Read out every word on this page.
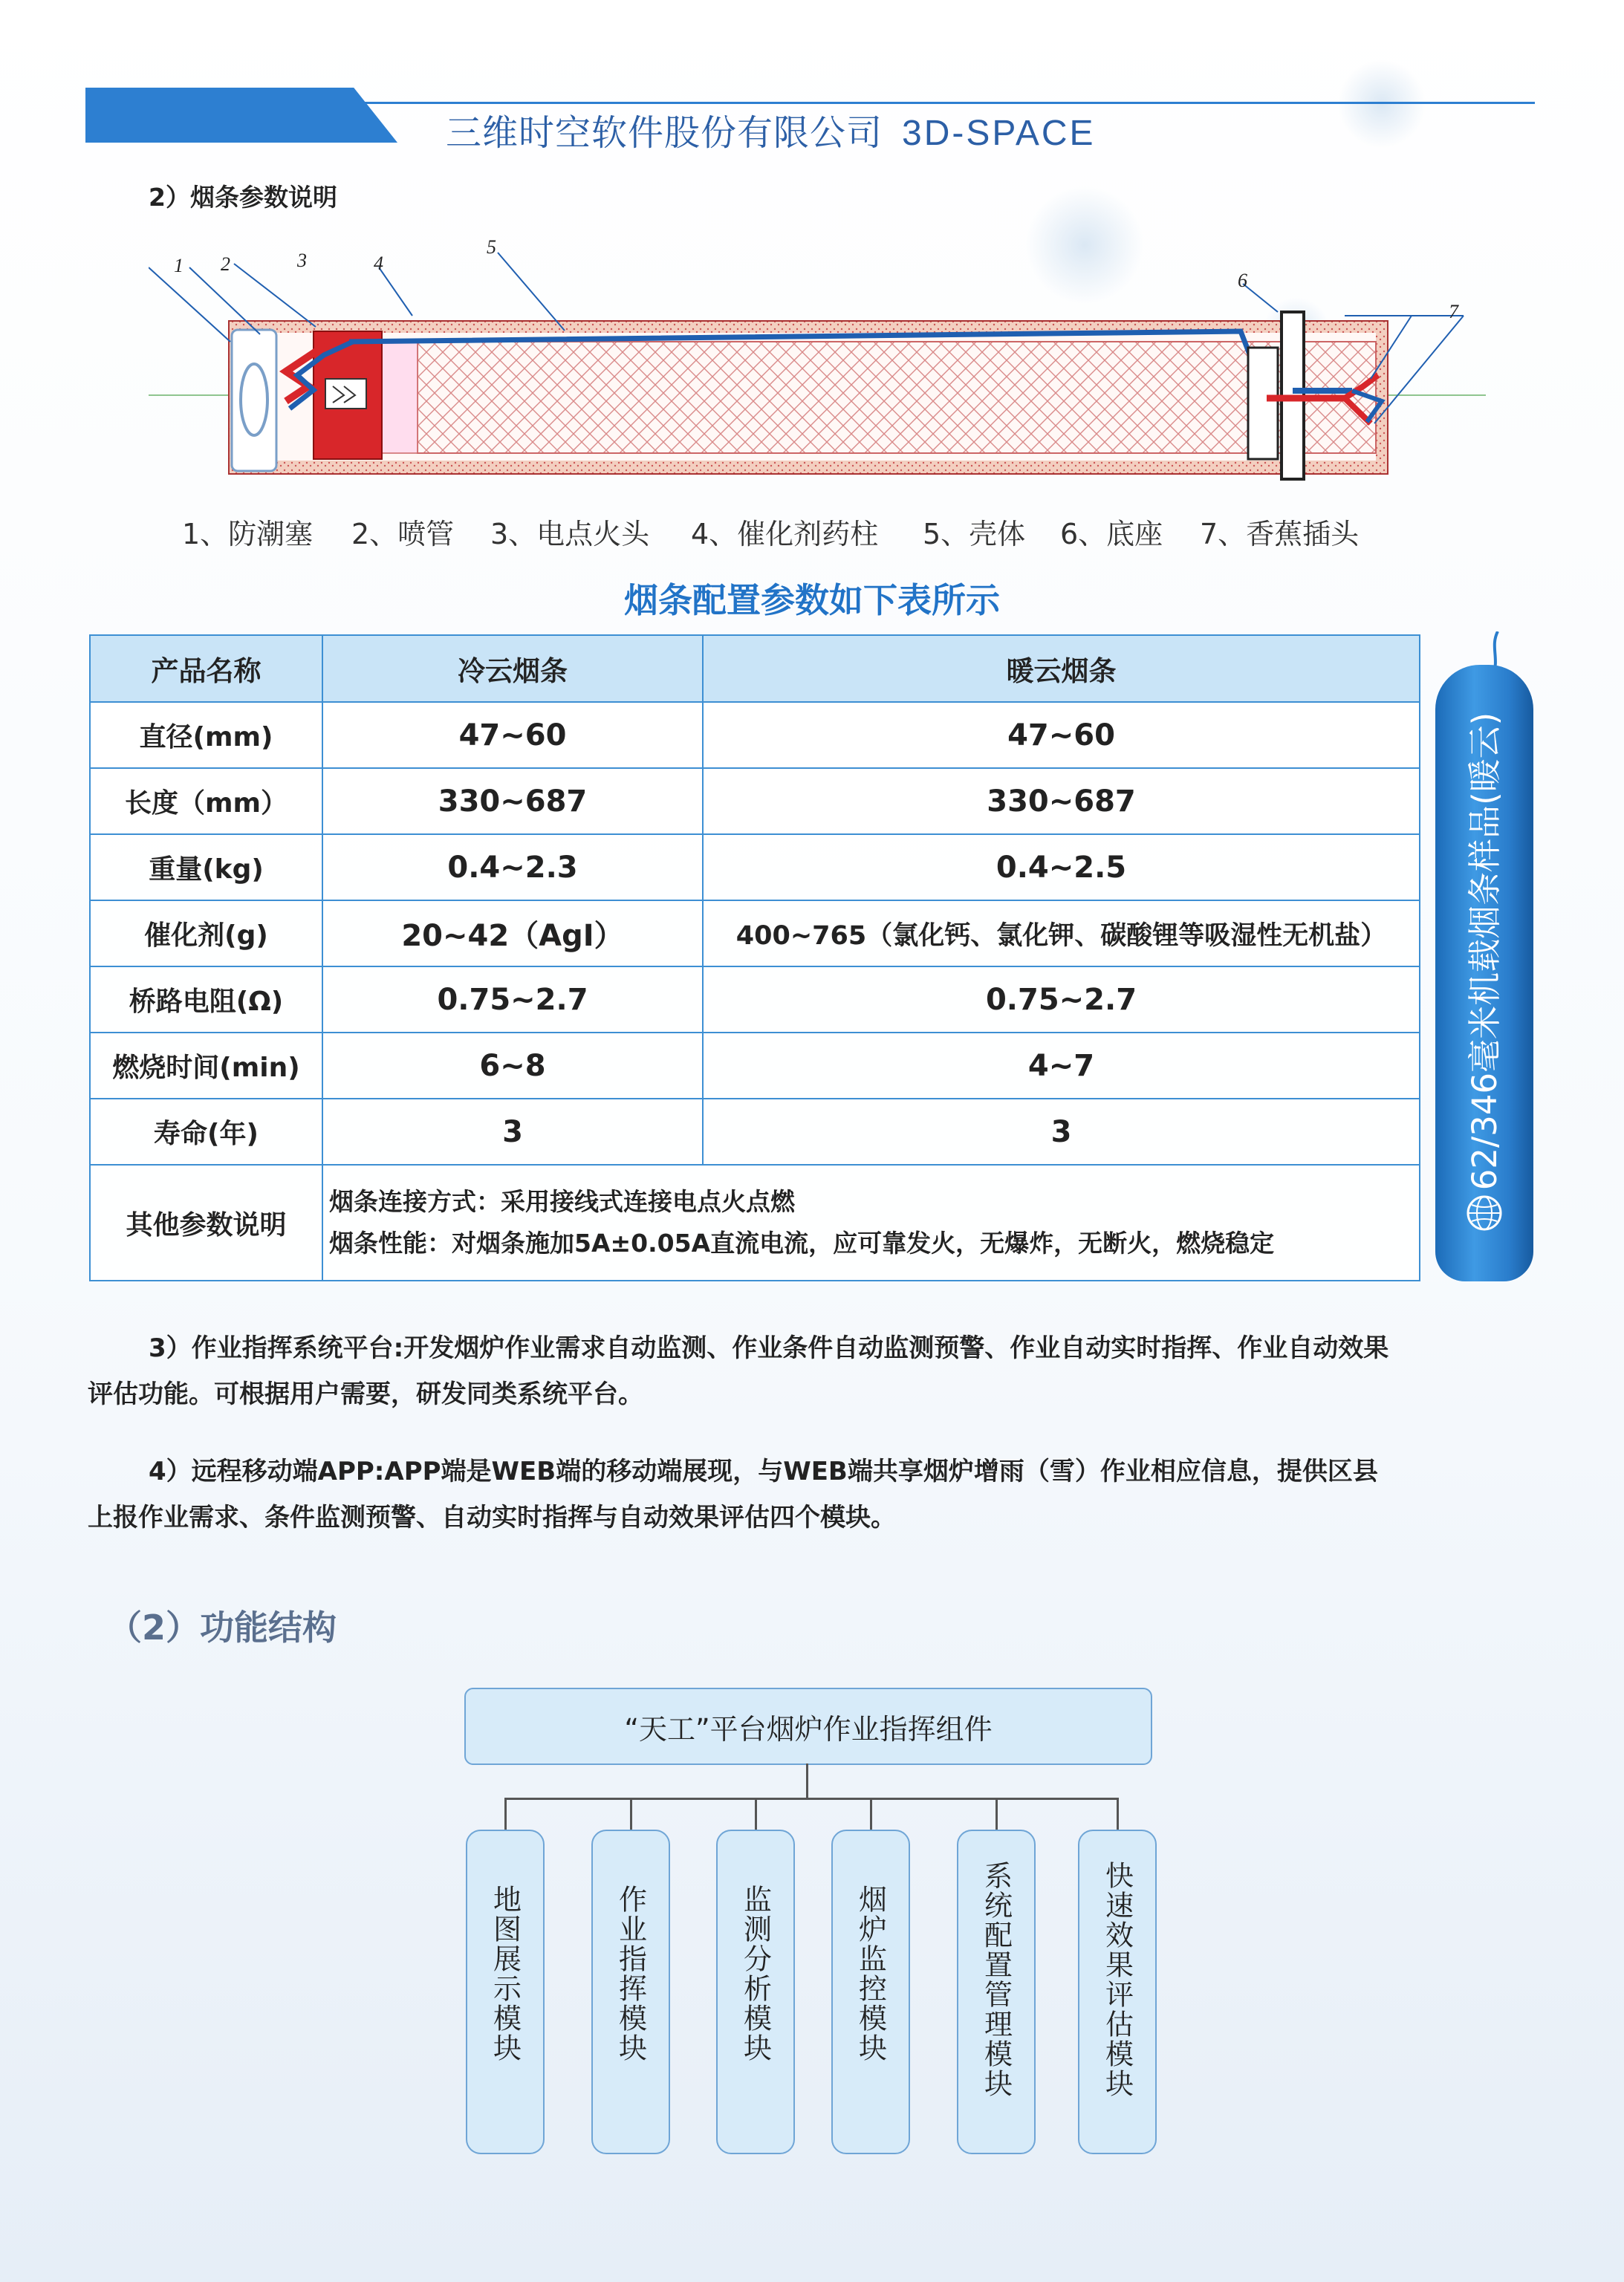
三维时空软件股份有限公司 3D-SPACE
2）烟条参数说明
1 2	3	4
5
6
7
1、防潮塞 2、喷管 3、电点火头 4、催化剂药柱 5、壳体 6、底座 7、香蕉插头
烟条配置参数如下表所示
产品名称	冷云烟条	暖云烟条
直径(mm)	47~60	47~60
长度（mm）	330~687	330~687
重量(kg)	0.4~2.3	0.4~2.5
催化剂(g)	20~42（AgI）	400~765（氯化钙、氯化钾、碳酸锂等吸湿性无机盐）
桥路电阻(Ω)	0.75~2.7	0.75~2.7
燃烧时间(min)	6~8	4~7
寿命(年)	3	3
其他参数说明	烟条连接方式：采用接线式连接电点火点燃
烟条性能：对烟条施加5A±0.05A直流电流，应可靠发火，无爆炸，无断火，燃烧稳定	
62/346毫米机载烟条样品(暖云)
3）作业指挥系统平台:开发烟炉作业需求自动监测、作业条件自动监测预警、作业自动实时指挥、作业自动效果
评估功能。可根据用户需要，研发同类系统平台。
4）远程移动端APP:APP端是WEB端的移动端展现，与WEB端共享烟炉增雨（雪）作业相应信息，提供区县
上报作业需求、条件监测预警、自动实时指挥与自动效果评估四个模块。
（2）功能结构
“天工”平台烟炉作业指挥组件
地图展示模块	作业指挥模块	监测分析模块	烟炉监控模块	系统配置管理模块	快速效果评估模块
